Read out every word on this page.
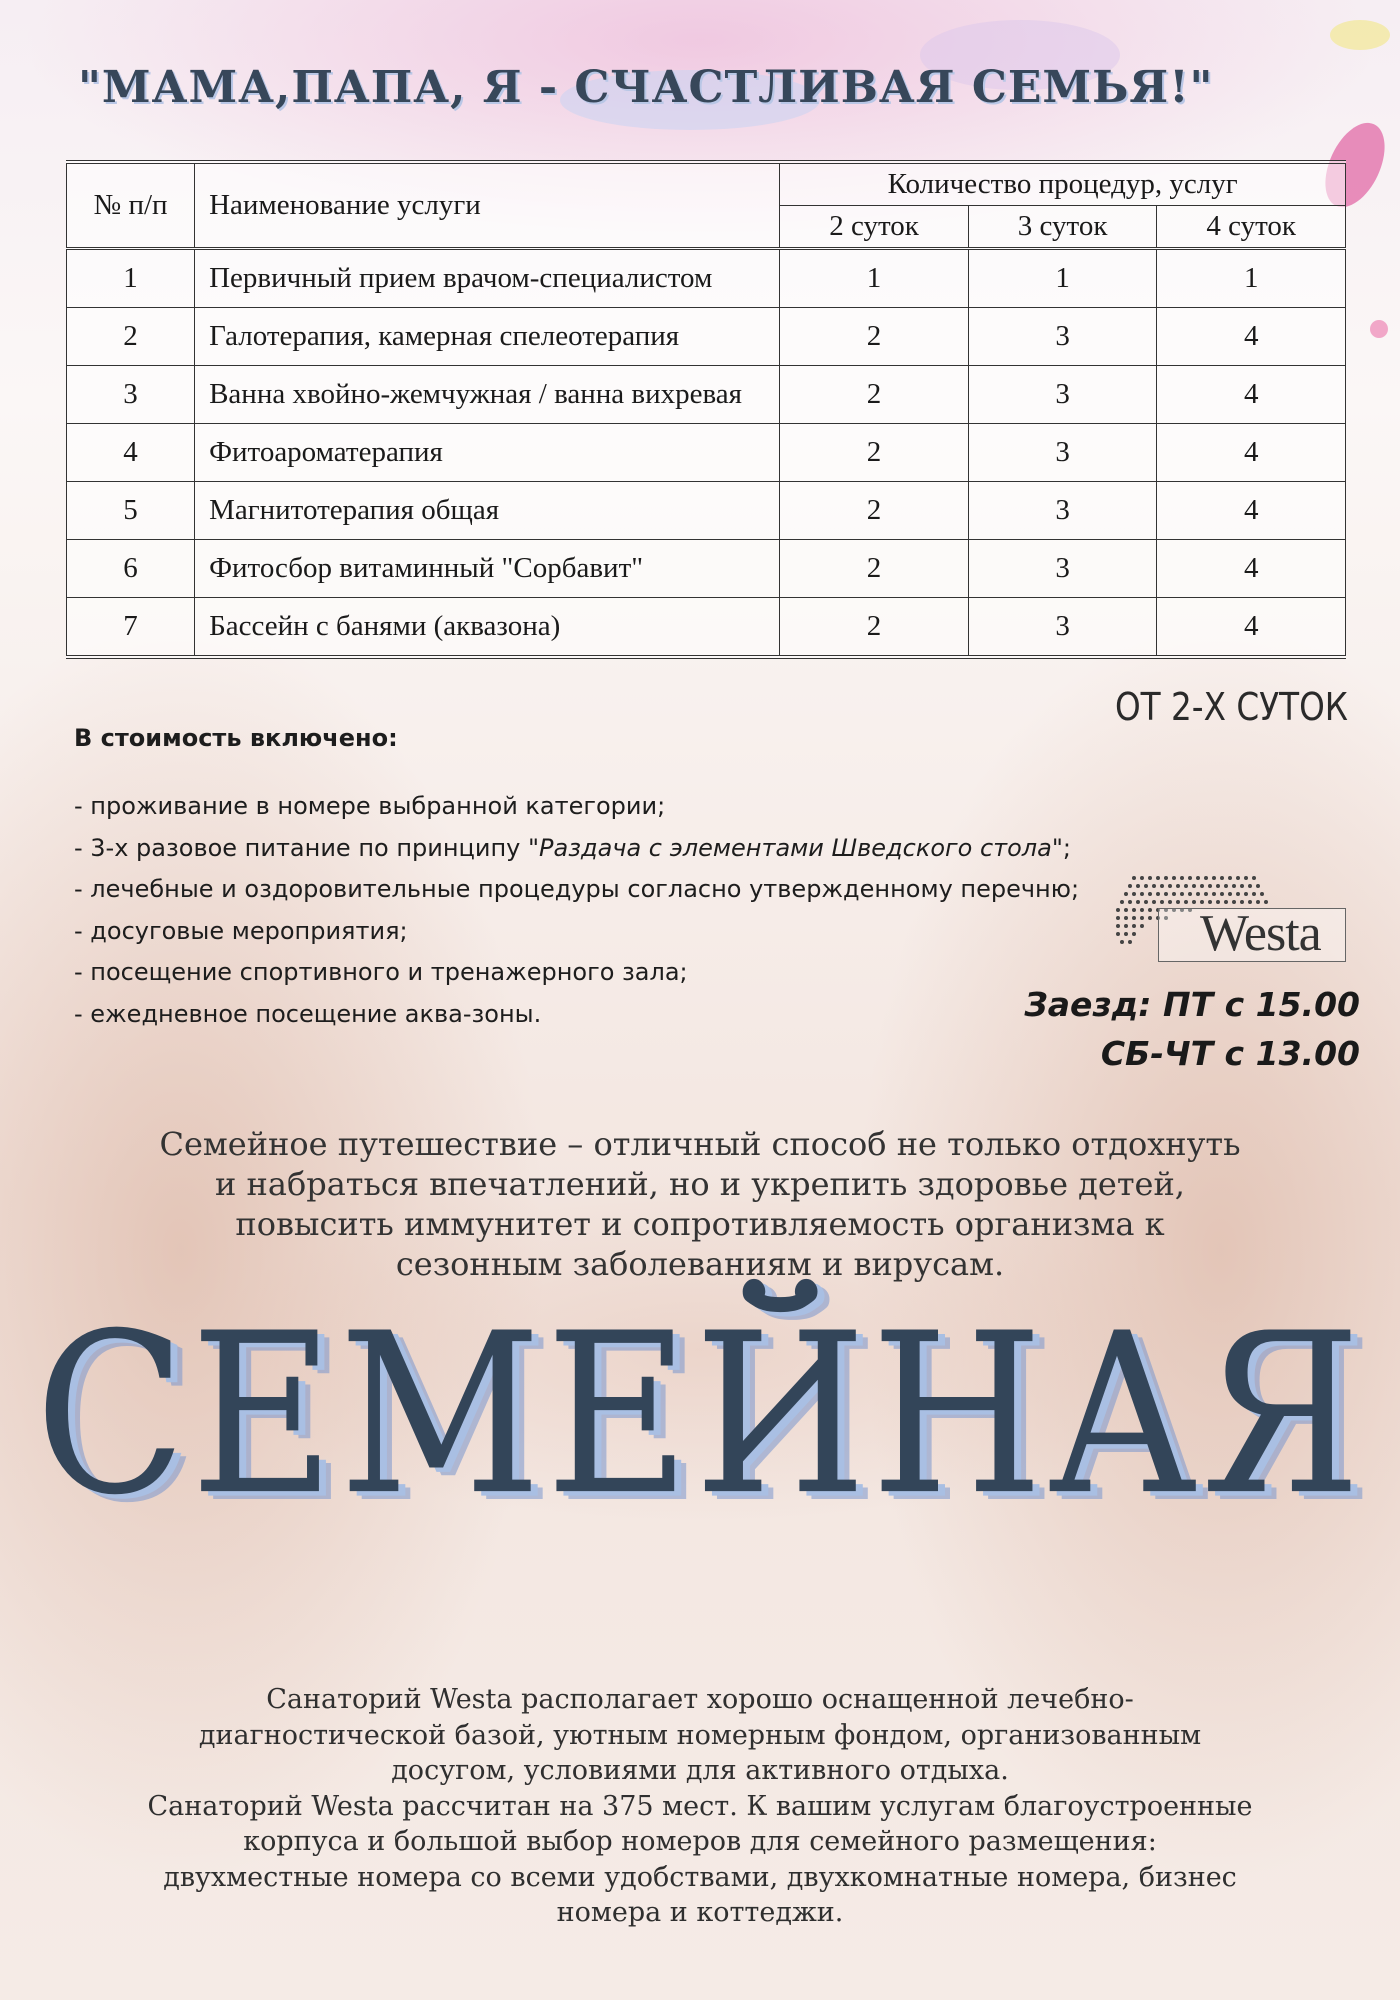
"МАМА,ПАПА, Я - СЧАСТЛИВАЯ СЕМЬЯ!"
№ п/п	Наименование услуги	Количество процедур, услуг		
		2 суток	3 суток	4 суток
1	Первичный прием врачом-специалистом	1	1	1
2	Галотерапия, камерная спелеотерапия	2	3	4
3	Ванна хвойно-жемчужная / ванна вихревая	2	3	4
4	Фитоароматерапия	2	3	4
5	Магнитотерапия общая	2	3	4
6	Фитосбор витаминный "Сорбавит"	2	3	4
7	Бассейн с банями (аквазона)	2	3	4
ОТ 2-Х СУТОК
В стоимость включено:
- проживание в номере выбранной категории;
- 3-х разовое питание по принципу "Раздача с элементами Шведского стола";
- лечебные и оздоровительные процедуры согласно утвержденному перечню;
- досуговые мероприятия;
- посещение спортивного и тренажерного зала;
- ежедневное посещение аква-зоны.
Westa
Заезд: ПТ с 15.00
СБ-ЧТ с 13.00
Семейное путешествие – отличный способ не только отдохнуть
и набраться впечатлений, но и укрепить здоровье детей,
повысить иммунитет и сопротивляемость организма к
сезонным заболеваниям и вирусам.
СЕМЕЙНАЯ
Санаторий Westa располагает хорошо оснащенной лечебно-
диагностической базой, уютным номерным фондом, организованным
досугом, условиями для активного отдыха.
Санаторий Westa рассчитан на 375 мест. К вашим услугам благоустроенные
корпуса и большой выбор номеров для семейного размещения:
двухместные номера со всеми удобствами, двухкомнатные номера, бизнес
номера и коттеджи.
